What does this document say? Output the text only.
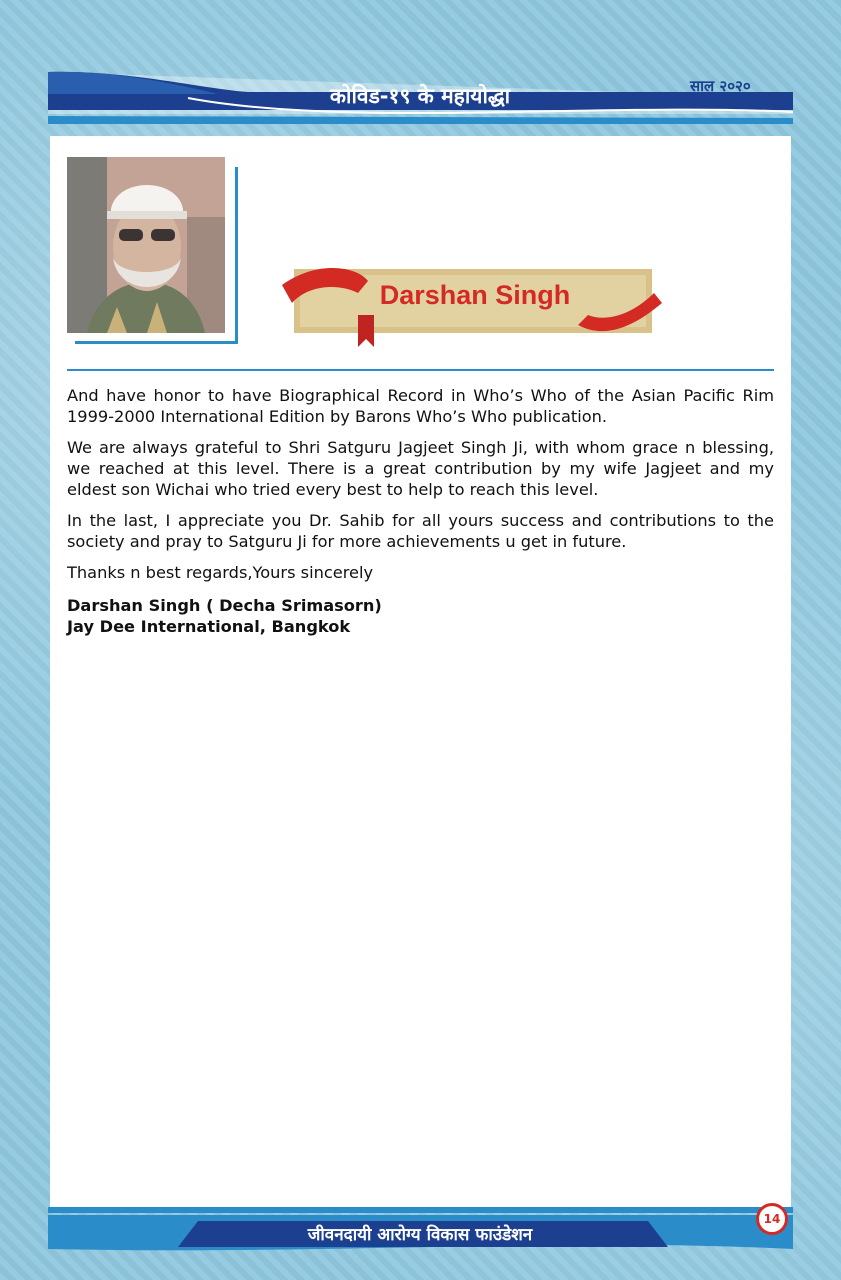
कोविड-१९ के महायोद्धा	साल २०२०
Darshan Singh

And have honor to have Biographical Record in Who’s Who of the Asian Pacific Rim 1999-2000 International Edition by Barons Who’s Who publication.

We are always grateful to Shri Satguru Jagjeet Singh Ji, with whom grace n blessing, we reached at this level. There is a great contribution by my wife Jagjeet and my eldest son Wichai who tried every best to help to reach this level.

In the last, I appreciate you Dr. Sahib for all yours success and contributions to the society and pray to Satguru Ji for more achievements u get in future.

Thanks n best regards,Yours sincerely

Darshan Singh ( Decha Srimasorn)
Jay Dee International, Bangkok
जीवनदायी आरोग्य विकास फाउंडेशन
14
